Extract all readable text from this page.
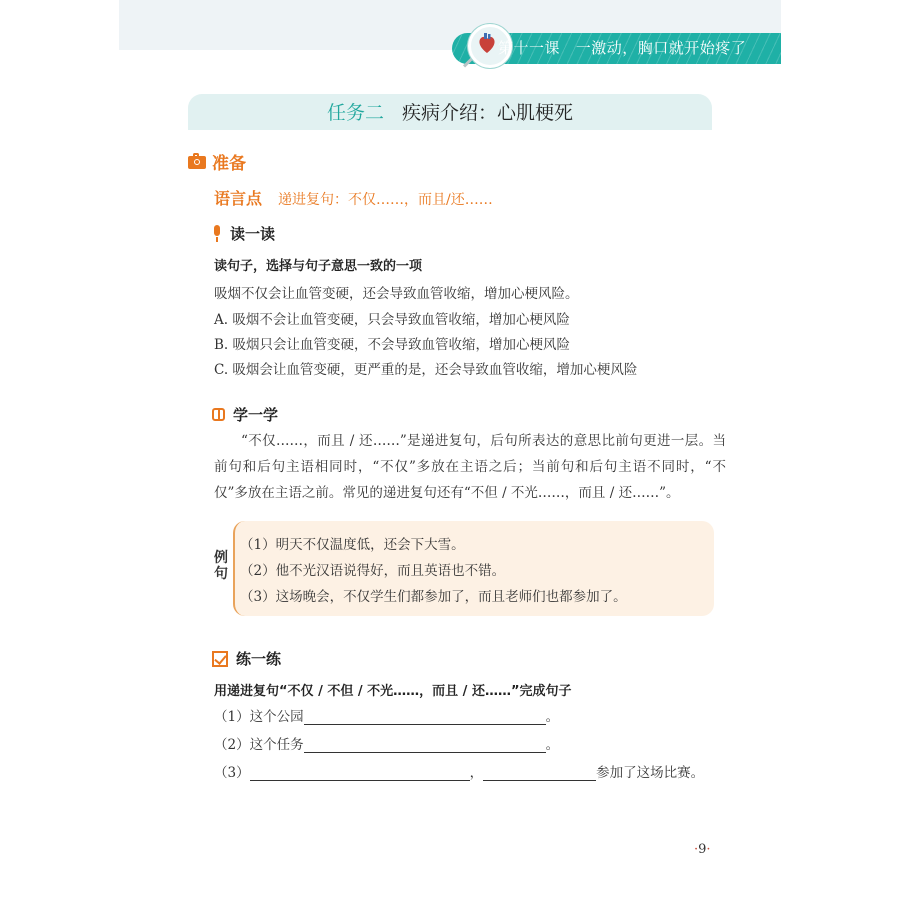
第十一课   一激动，胸口就开始疼了
任务二 疾病介绍：心肌梗死
准备
语言点 递进复句：不仅……，而且/还……
读一读
读句子，选择与句子意思一致的一项
吸烟不仅会让血管变硬，还会导致血管收缩，增加心梗风险。
A. 吸烟不会让血管变硬，只会导致血管收缩，增加心梗风险
B. 吸烟只会让血管变硬，不会导致血管收缩，增加心梗风险
C. 吸烟会让血管变硬，更严重的是，还会导致血管收缩，增加心梗风险
学一学
“不仅……，而且 / 还……”是递进复句，后句所表达的意思比前句更进一层。当前句和后句主语相同时，“不仅”多放在主语之后；当前句和后句主语不同时，“不仅”多放在主语之前。常见的递进复句还有“不但 / 不光……，而且 / 还……”。
例句
（1）明天不仅温度低，还会下大雪。
（2）他不光汉语说得好，而且英语也不错。
（3）这场晚会，不仅学生们都参加了，而且老师们也都参加了。
练一练
用递进复句“不仅 / 不但 / 不光……，而且 / 还……”完成句子
（1） 这个公园	。
（2） 这个任务	。
（3）	，	参加了这场比赛。
·9·
